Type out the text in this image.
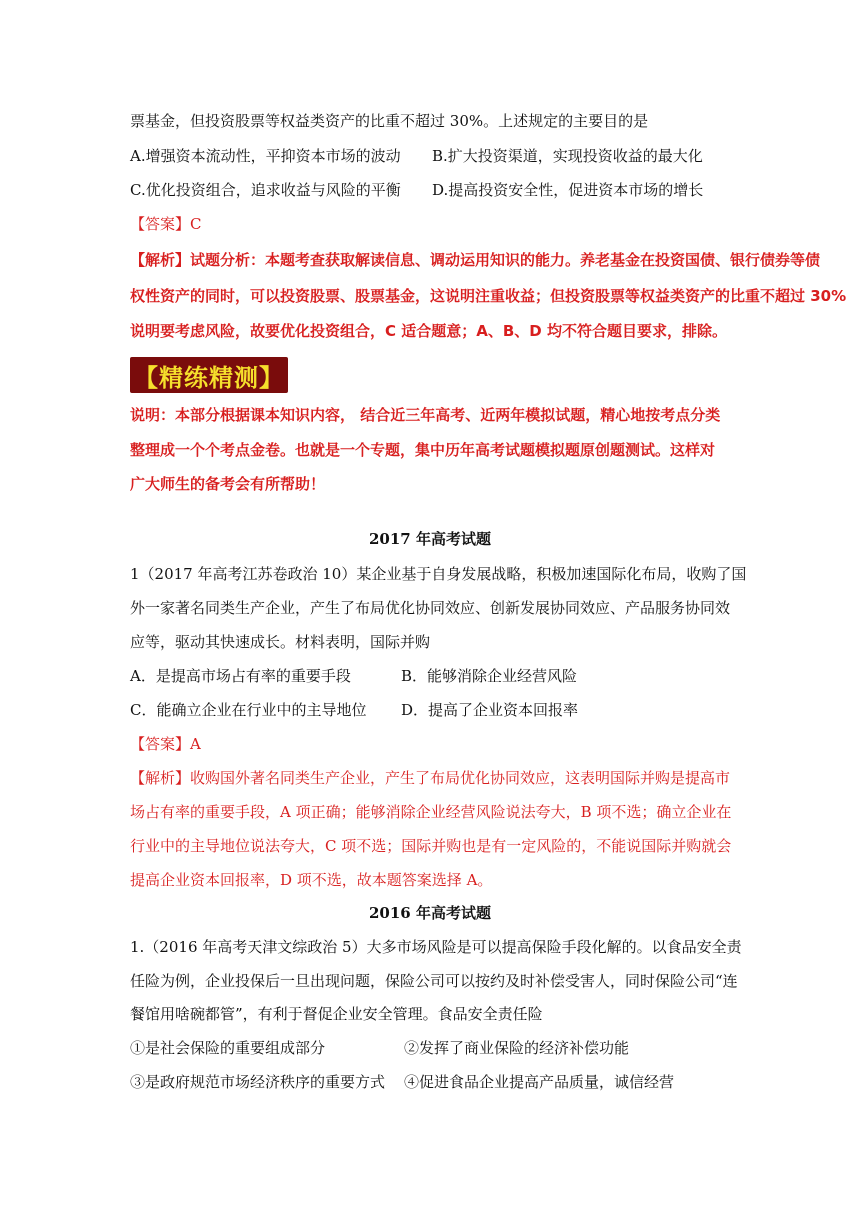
票基金，但投资股票等权益类资产的比重不超过 30%。上述规定的主要目的是
A.增强资本流动性，平抑资本市场的波动 B.扩大投资渠道，实现投资收益的最大化
C.优化投资组合，追求收益与风险的平衡 D.提高投资安全性，促进资本市场的增长
【答案】C
【解析】试题分析：本题考查获取解读信息、调动运用知识的能力。养老基金在投资国债、银行债券等债
权性资产的同时，可以投资股票、股票基金，这说明注重收益；但投资股票等权益类资产的比重不超过 30%
说明要考虑风险，故要优化投资组合，C 适合题意；A、B、D 均不符合题目要求，排除。
【精练精测】
说明：本部分根据课本知识内容， 结合近三年高考、近两年模拟试题，精心地按考点分类
整理成一个个考点金卷。也就是一个专题，集中历年高考试题模拟题原创题测试。这样对
广大师生的备考会有所帮助！
2017 年高考试题
1（2017 年高考江苏卷政治 10）某企业基于自身发展战略，积极加速国际化布局，收购了国
外一家著名同类生产企业，产生了布局优化协同效应、创新发展协同效应、产品服务协同效
应等，驱动其快速成长。材料表明，国际并购
A．是提高市场占有率的重要手段	B．能够消除企业经营风险
C．能确立企业在行业中的主导地位 D．提高了企业资本回报率
【答案】A
【解析】收购国外著名同类生产企业，产生了布局优化协同效应，这表明国际并购是提高市
场占有率的重要手段，A 项正确；能够消除企业经营风险说法夸大，B 项不选；确立企业在
行业中的主导地位说法夸大，C 项不选；国际并购也是有一定风险的，不能说国际并购就会
提高企业资本回报率，D 项不选，故本题答案选择 A。
2016 年高考试题
1.（2016 年高考天津文综政治 5）大多市场风险是可以提高保险手段化解的。以食品安全责
任险为例，企业投保后一旦出现问题，保险公司可以按约及时补偿受害人，同时保险公司“连
餐馆用啥碗都管”，有利于督促企业安全管理。食品安全责任险
①是社会保险的重要组成部分	②发挥了商业保险的经济补偿功能
③是政府规范市场经济秩序的重要方式 ④促进食品企业提高产品质量，诚信经营
